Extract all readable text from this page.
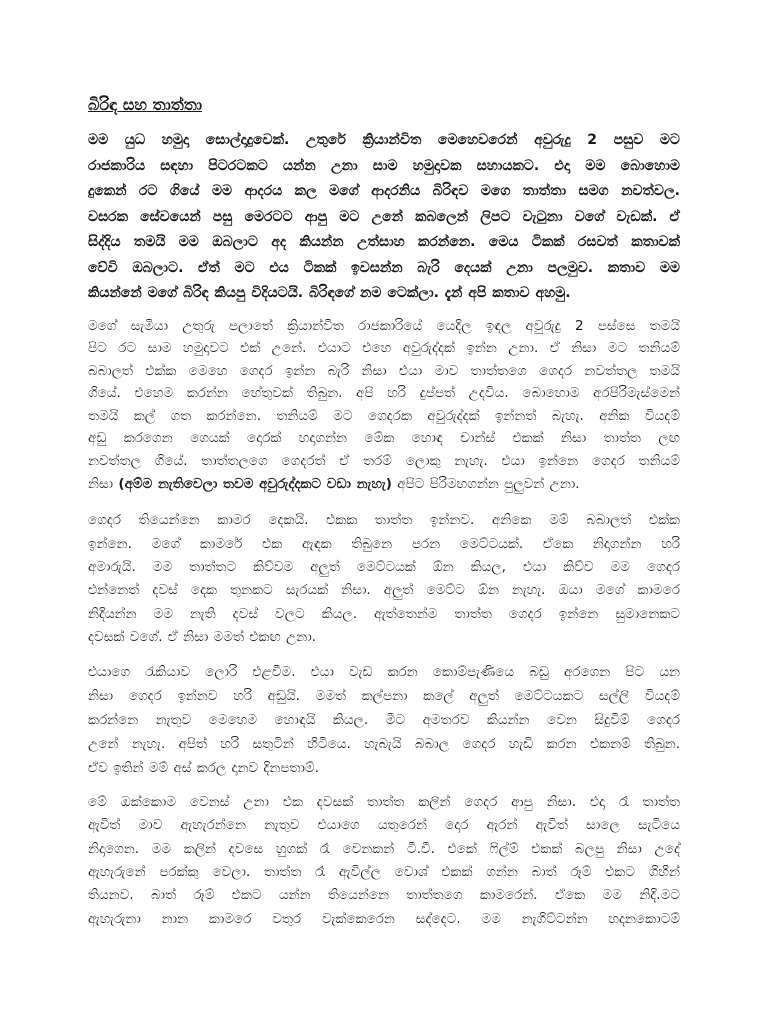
බිරිඳ සහ තාත්තා
මම යුධ හමුදා සොල්දාදුවෙක්. උතුරේ ක්‍රියාන්විත මෙහෙවරෙන් අවුරුදු 2 පසුව මට
රාජකාරිය සඳහා පිටරටකට යන්න උනා සාම හමුදාවක සහායකට. එදා මම බොහොම
දුකෙන් රට ගියේ මම ආදරය කල මගේ ආදරනිය බිරිඳව මගෙ තාත්තා සමග නවත්වල.
වසරක සේවයෙන් පසු මෙරටට ආපු මට උනේ කබලෙන් ලිපට වැටුනා වගේ වැඩක්. ඒ
සිද්දිය තමයි මම ඔබලාට අද කියන්න උත්සාහ කරන්නෙ. මෙය ටිකක් රසවත් කතාවක්
වේවි ඔබලාට. ඒත් මට එය ටිකක් ඉවසන්න බැරි දෙයක් උනා පලමුව. කතාව මම
කියන්නේ මගේ බිරිඳ කියපු විදියටයි. බිරිඳගේ නම ටෙක්ලා. දැන් අපි කතාව අහමු.
මගේ සැමියා උතුරු පලාතේ ක්‍රියාන්විත රාජකාරියේ යෙදිල ඉඳල අවුරුදු 2 පස්සෙ තමයි
පිට රට සාම හමුදාවට එක් උනේ. එයාට එහෙ අවුරුද්දක් ඉන්න උනා. ඒ නිසා මට තනියම්
බබාලත් එක්ක මෙහෙ ගෙදර ඉන්න බැරි නිසා එයා මාව තාත්තගෙ ගෙදර නවත්තල තමයි
ගියේ. එහෙම කරන්න හේතුවක් තිබුන. අපි හරි දුප්පත් උදවිය. බොහොම අරපිරිමැස්මෙන්
තමයි කල් ගත කරන්නෙ. තනියම් මට ගෙදරක අවුරුද්දක් ඉන්නත් බැහැ. අනික වියදම්
අඩු කරගෙන ගෙයක් දොරක් හදාගන්න මේක හොඳ චාන්ස් එකක් නිසා තාත්ත ලඟ
නවත්තල ගියේ. තාත්තලගෙ ගෙදරත් ඒ තරම් ලොකු නැහැ. එයා ඉන්නෙ ගෙදර තනියම්
නිසා (අම්ම නැතිවෙලා තවම අවුරුද්දකට වඩා නැහැ) අපිට පිරිමහගන්න පුලුවන් උනා.
ගෙදර තියෙන්නෙ කාමර දෙකයි. එකක තාත්ත ඉන්නව. අනිකෙ මම් බබාලත් එක්ක
ඉන්නෙ. මගේ කාමරේ එක ඇඳක තිබුනෙ පරන මෙට්ටයක්. ඒකෙ නිදාගන්න හරි
අමාරුයි. මම තාත්තට කිව්වම අලුත් මෙට්ටයක් ඕන කියල, එයා කිව්ව මම ගෙදර
එන්නෙත් දවස් දෙක තුනකට සැරයක් නිසා. අලුත් මෙට්ට ඕන නැහැ. ඔයා මගේ කාමරෙ
නිදියන්න මම නැති දවස් වලට කියල. ඇත්තෙන්ම තාත්ත ගෙදර ඉන්නෙ සුමානෙකට
දවසක් වගේ. ඒ නිසා මමත් එකඟ උනා.
එයාගෙ රැකියාව ලොරි එළවීම. එයා වැඩ කරන කොම්පැණියෙ බඩු අරගෙන පිට යන
නිසා ගෙදර ඉන්නව හරි අඩුයි. මමත් කල්පනා කලේ අලුත් මෙට්ටයකට සල්ලි වියදම්
කරන්නෙ නැතුව මෙහෙම හොඳයි කියල. මීට අමතරව කියන්න වෙන සිදුවීම් ගෙදර
උනේ නැහැ. අපිත් හරි සතුටින් හිටියෙ. හැබැයි බබාල ගෙදර හැඩි කරන එකනම් තිබුන.
ඒව ඉතින් මම් අස් කරල දානව දිනපතාම්.
මේ ඔක්කොම වෙනස් උනා එක දවසක් තාත්ත කලින් ගෙදර ආපු නිසා. එදා රෑ තාත්ත
ඇවිත් මාව ඇහැරන්නෙ නැතුව එයාගෙ යතුරෙන් දොර ඇරන් ඇවිත් සාලෙ සැටියෙ
නිදාගෙන. මම කලින් දවසෙ හුගක් රෑ වෙනකන් ටී.වී. එකේ ෆිල්ම් එකක් බලපු නිසා උදේ
ඇහැරුනේ පරක්කු වෙලා. තාත්ත රෑ ඇවිල්ල වොශ් එකක් ගන්න බාත් රූම් එකට ගිහින්
තියනව. බාත් රූම් එකට යන්න තියෙන්නෙ තාත්තගෙ කාමරෙන්. ඒකෙ මම නිදි.මට
ඇහැරුනා නාන කාමරෙ වතුර වැක්කෙරෙන සද්දෙට. මම නැගිට්ටන්න හදනකොටම්
